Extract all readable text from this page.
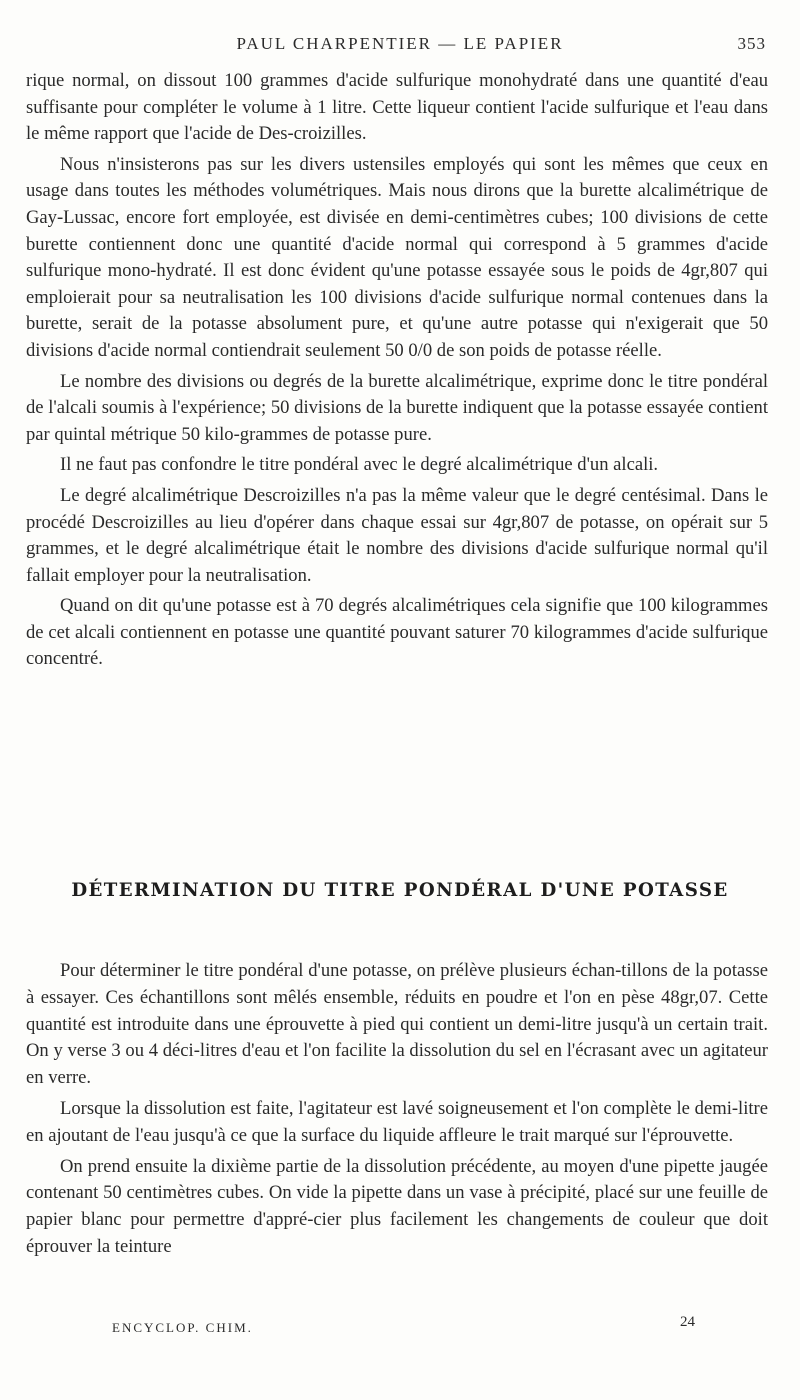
PAUL CHARPENTIER — LE PAPIER	353

rique normal, on dissout 100 grammes d'acide sulfurique monohydraté dans une quantité d'eau suffisante pour compléter le volume à 1 litre. Cette liqueur contient l'acide sulfurique et l'eau dans le même rapport que l'acide de Des-croizilles.

Nous n'insisterons pas sur les divers ustensiles employés qui sont les mêmes que ceux en usage dans toutes les méthodes volumétriques. Mais nous dirons que la burette alcalimétrique de Gay-Lussac, encore fort employée, est divisée en demi-centimètres cubes; 100 divisions de cette burette contiennent donc une quantité d'acide normal qui correspond à 5 grammes d'acide sulfurique mono-hydraté. Il est donc évident qu'une potasse essayée sous le poids de 4gr,807 qui emploierait pour sa neutralisation les 100 divisions d'acide sulfurique normal contenues dans la burette, serait de la potasse absolument pure, et qu'une autre potasse qui n'exigerait que 50 divisions d'acide normal contiendrait seulement 50 0/0 de son poids de potasse réelle.

Le nombre des divisions ou degrés de la burette alcalimétrique, exprime donc le titre pondéral de l'alcali soumis à l'expérience; 50 divisions de la burette indiquent que la potasse essayée contient par quintal métrique 50 kilo-grammes de potasse pure.

Il ne faut pas confondre le titre pondéral avec le degré alcalimétrique d'un alcali.

Le degré alcalimétrique Descroizilles n'a pas la même valeur que le degré centésimal. Dans le procédé Descroizilles au lieu d'opérer dans chaque essai sur 4gr,807 de potasse, on opérait sur 5 grammes, et le degré alcalimétrique était le nombre des divisions d'acide sulfurique normal qu'il fallait employer pour la neutralisation.

Quand on dit qu'une potasse est à 70 degrés alcalimétriques cela signifie que 100 kilogrammes de cet alcali contiennent en potasse une quantité pouvant saturer 70 kilogrammes d'acide sulfurique concentré.

DÉTERMINATION DU TITRE PONDÉRAL D'UNE POTASSE

Pour déterminer le titre pondéral d'une potasse, on prélève plusieurs échan-tillons de la potasse à essayer. Ces échantillons sont mêlés ensemble, réduits en poudre et l'on en pèse 48gr,07. Cette quantité est introduite dans une éprouvette à pied qui contient un demi-litre jusqu'à un certain trait. On y verse 3 ou 4 déci-litres d'eau et l'on facilite la dissolution du sel en l'écrasant avec un agitateur en verre.

Lorsque la dissolution est faite, l'agitateur est lavé soigneusement et l'on complète le demi-litre en ajoutant de l'eau jusqu'à ce que la surface du liquide affleure le trait marqué sur l'éprouvette.

On prend ensuite la dixième partie de la dissolution précédente, au moyen d'une pipette jaugée contenant 50 centimètres cubes. On vide la pipette dans un vase à précipité, placé sur une feuille de papier blanc pour permettre d'appré-cier plus facilement les changements de couleur que doit éprouver la teinture

ENCYCLOP. CHIM.	24
